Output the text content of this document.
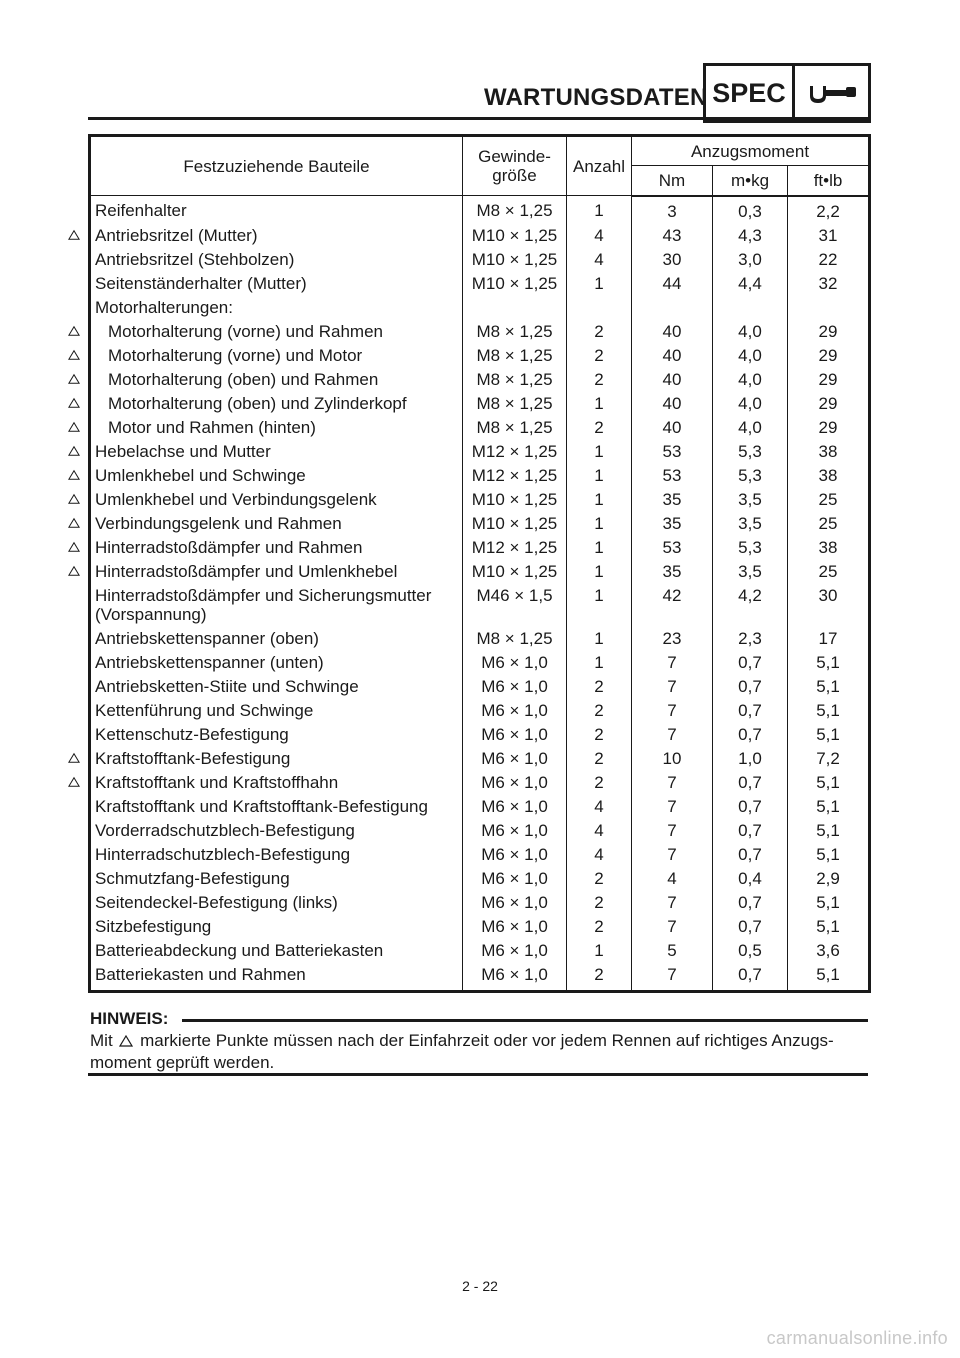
WARTUNGSDATEN SPEC
Festzuziehende Bauteile	Gewinde-
größe	Anzahl	Anzugsmoment		
			Nm	m•kg	ft•lb
Reifenhalter	M8 × 1,25	1	3	0,3	2,2
Antriebsritzel (Mutter)	M10 × 1,25	4	43	4,3	31
Antriebsritzel (Stehbolzen)	M10 × 1,25	4	30	3,0	22
Seitenständerhalter (Mutter)	M10 × 1,25	1	44	4,4	32
Motorhalterungen:					
Motorhalterung (vorne) und Rahmen	M8 × 1,25	2	40	4,0	29
Motorhalterung (vorne) und Motor	M8 × 1,25	2	40	4,0	29
Motorhalterung (oben) und Rahmen	M8 × 1,25	2	40	4,0	29
Motorhalterung (oben) und Zylinderkopf	M8 × 1,25	1	40	4,0	29
Motor und Rahmen (hinten)	M8 × 1,25	2	40	4,0	29
Hebelachse und Mutter	M12 × 1,25	1	53	5,3	38
Umlenkhebel und Schwinge	M12 × 1,25	1	53	5,3	38
Umlenkhebel und Verbindungsgelenk	M10 × 1,25	1	35	3,5	25
Verbindungsgelenk und Rahmen	M10 × 1,25	1	35	3,5	25
Hinterradstoßdämpfer und Rahmen	M12 × 1,25	1	53	5,3	38
Hinterradstoßdämpfer und Umlenkhebel	M10 × 1,25	1	35	3,5	25
Hinterradstoßdämpfer und Sicherungsmutter
(Vorspannung)	M46 × 1,5	1	42	4,2	30
Antriebskettenspanner (oben)	M8 × 1,25	1	23	2,3	17
Antriebskettenspanner (unten)	M6 × 1,0	1	7	0,7	5,1
Antriebsketten-Stiite und Schwinge	M6 × 1,0	2	7	0,7	5,1
Kettenführung und Schwinge	M6 × 1,0	2	7	0,7	5,1
Kettenschutz-Befestigung	M6 × 1,0	2	7	0,7	5,1
Kraftstofftank-Befestigung	M6 × 1,0	2	10	1,0	7,2
Kraftstofftank und Kraftstoffhahn	M6 × 1,0	2	7	0,7	5,1
Kraftstofftank und Kraftstofftank-Befestigung	M6 × 1,0	4	7	0,7	5,1
Vorderradschutzblech-Befestigung	M6 × 1,0	4	7	0,7	5,1
Hinterradschutzblech-Befestigung	M6 × 1,0	4	7	0,7	5,1
Schmutzfang-Befestigung	M6 × 1,0	2	4	0,4	2,9
Seitendeckel-Befestigung (links)	M6 × 1,0	2	7	0,7	5,1
Sitzbefestigung	M6 × 1,0	2	7	0,7	5,1
Batterieabdeckung und Batteriekasten	M6 × 1,0	1	5	0,5	3,6
Batteriekasten und Rahmen	M6 × 1,0	2	7	0,7	5,1
HINWEIS:
Mit markierte Punkte müssen nach der Einfahrzeit oder vor jedem Rennen auf richtiges Anzugs-
moment geprüft werden.
2 - 22
carmanualsonline.info
